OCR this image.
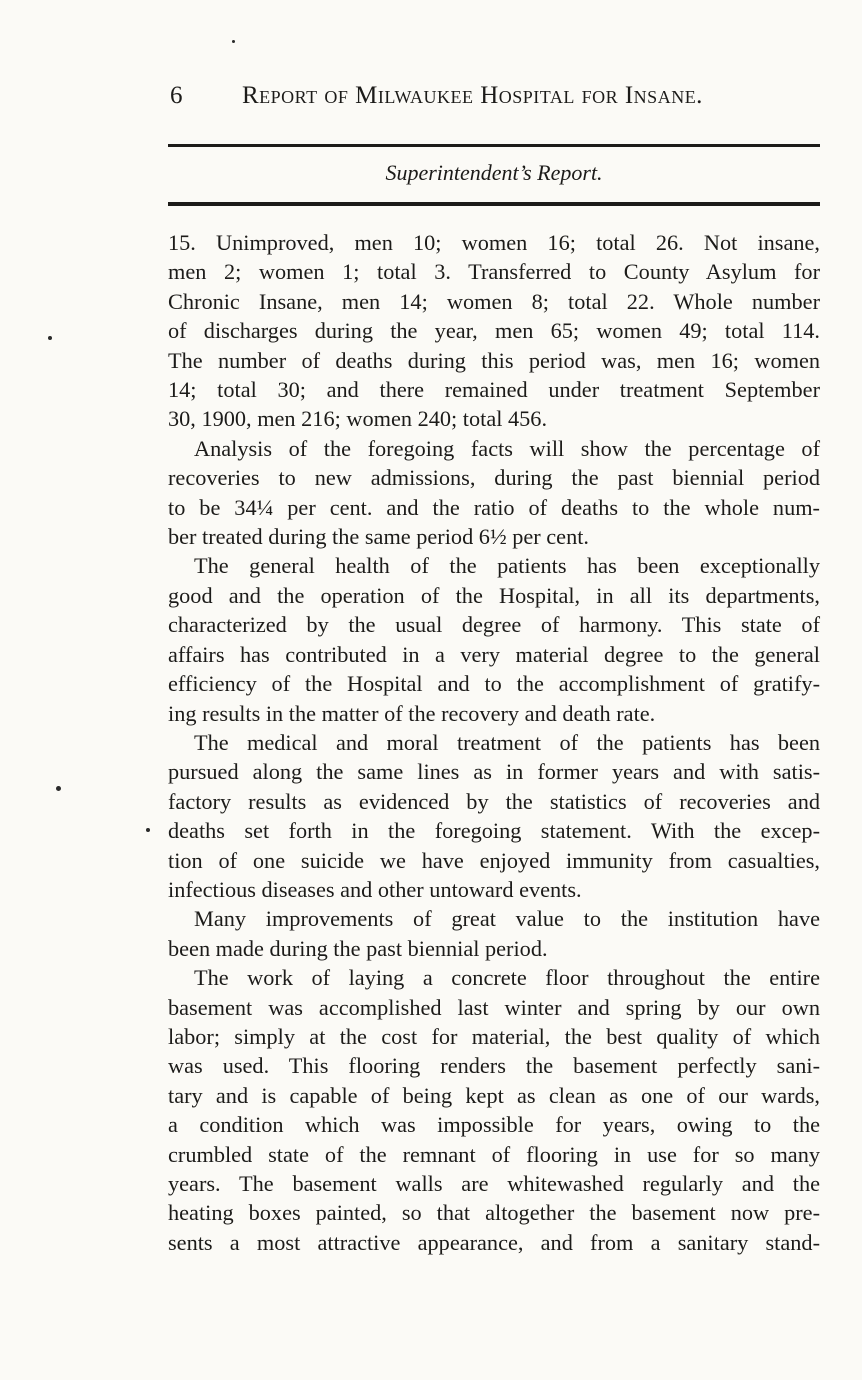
6 Report of Milwaukee Hospital for Insane.
Superintendent’s Report.
15. Unimproved, men 10; women 16; total 26. Not insane,
men 2; women 1; total 3. Transferred to County Asylum for
Chronic Insane, men 14; women 8; total 22. Whole number
of discharges during the year, men 65; women 49; total 114.
The number of deaths during this period was, men 16; women
14; total 30; and there remained under treatment September
30, 1900, men 216; women 240; total 456.
Analysis of the foregoing facts will show the percentage of
recoveries to new admissions, during the past biennial period
to be 34¼ per cent. and the ratio of deaths to the whole num-
ber treated during the same period 6½ per cent.
The general health of the patients has been exceptionally
good and the operation of the Hospital, in all its departments,
characterized by the usual degree of harmony. This state of
affairs has contributed in a very material degree to the general
efficiency of the Hospital and to the accomplishment of gratify-
ing results in the matter of the recovery and death rate.
The medical and moral treatment of the patients has been
pursued along the same lines as in former years and with satis-
factory results as evidenced by the statistics of recoveries and
deaths set forth in the foregoing statement. With the excep-
tion of one suicide we have enjoyed immunity from casualties,
infectious diseases and other untoward events.
Many improvements of great value to the institution have
been made during the past biennial period.
The work of laying a concrete floor throughout the entire
basement was accomplished last winter and spring by our own
labor; simply at the cost for material, the best quality of which
was used. This flooring renders the basement perfectly sani-
tary and is capable of being kept as clean as one of our wards,
a condition which was impossible for years, owing to the
crumbled state of the remnant of flooring in use for so many
years. The basement walls are whitewashed regularly and the
heating boxes painted, so that altogether the basement now pre-
sents a most attractive appearance, and from a sanitary stand-
